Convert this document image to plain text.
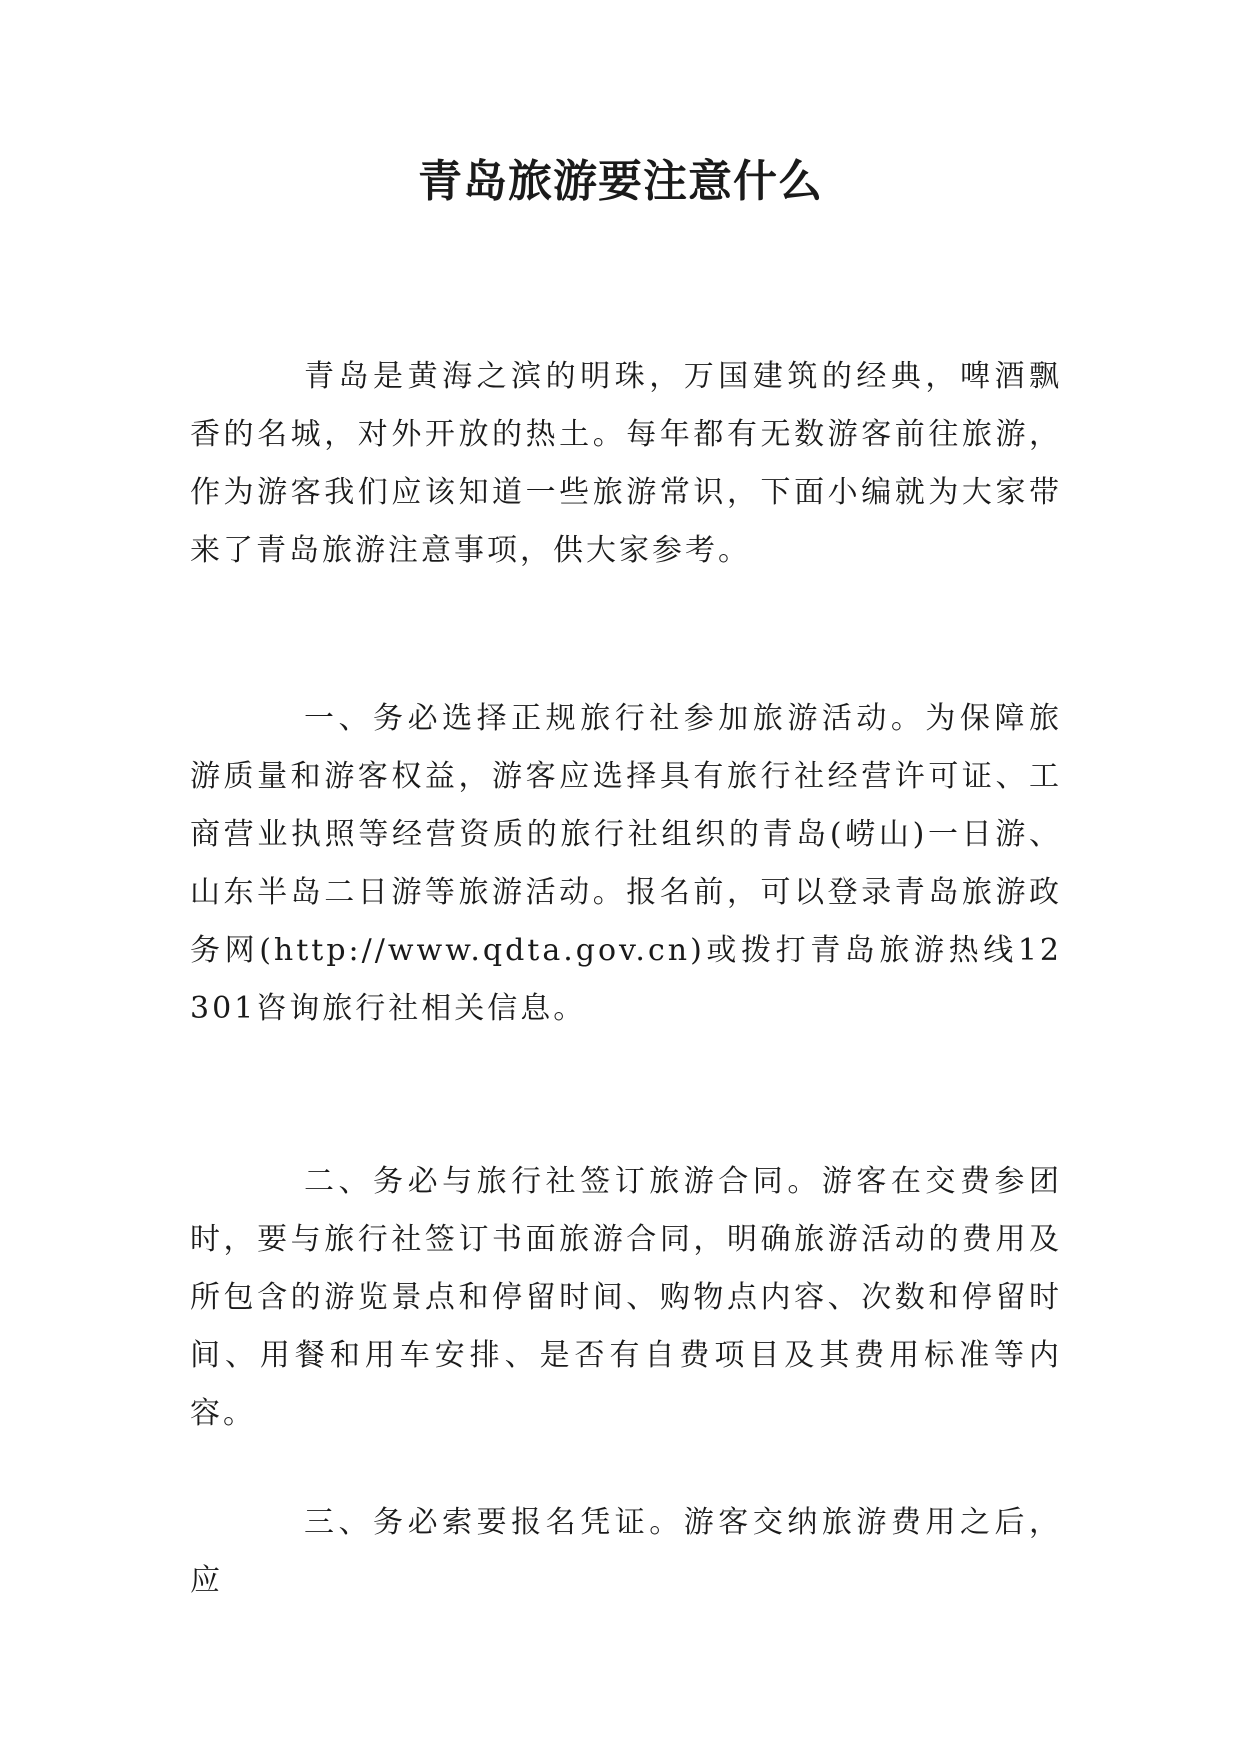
青岛旅游要注意什么

青岛是黄海之滨的明珠，万国建筑的经典，啤酒飘香的名城，对外开放的热土。每年都有无数游客前往旅游，作为游客我们应该知道一些旅游常识，下面小编就为大家带来了青岛旅游注意事项，供大家参考。

一、务必选择正规旅行社参加旅游活动。为保障旅游质量和游客权益，游客应选择具有旅行社经营许可证、工商营业执照等经营资质的旅行社组织的青岛(崂山)一日游、山东半岛二日游等旅游活动。报名前，可以登录青岛旅游政务网(http://www.qdta.gov.cn)或拨打青岛旅游热线12301咨询旅行社相关信息。

二、务必与旅行社签订旅游合同。游客在交费参团时，要与旅行社签订书面旅游合同，明确旅游活动的费用及所包含的游览景点和停留时间、购物点内容、次数和停留时间、用餐和用车安排、是否有自费项目及其费用标准等内容。

三、务必索要报名凭证。游客交纳旅游费用之后，应
